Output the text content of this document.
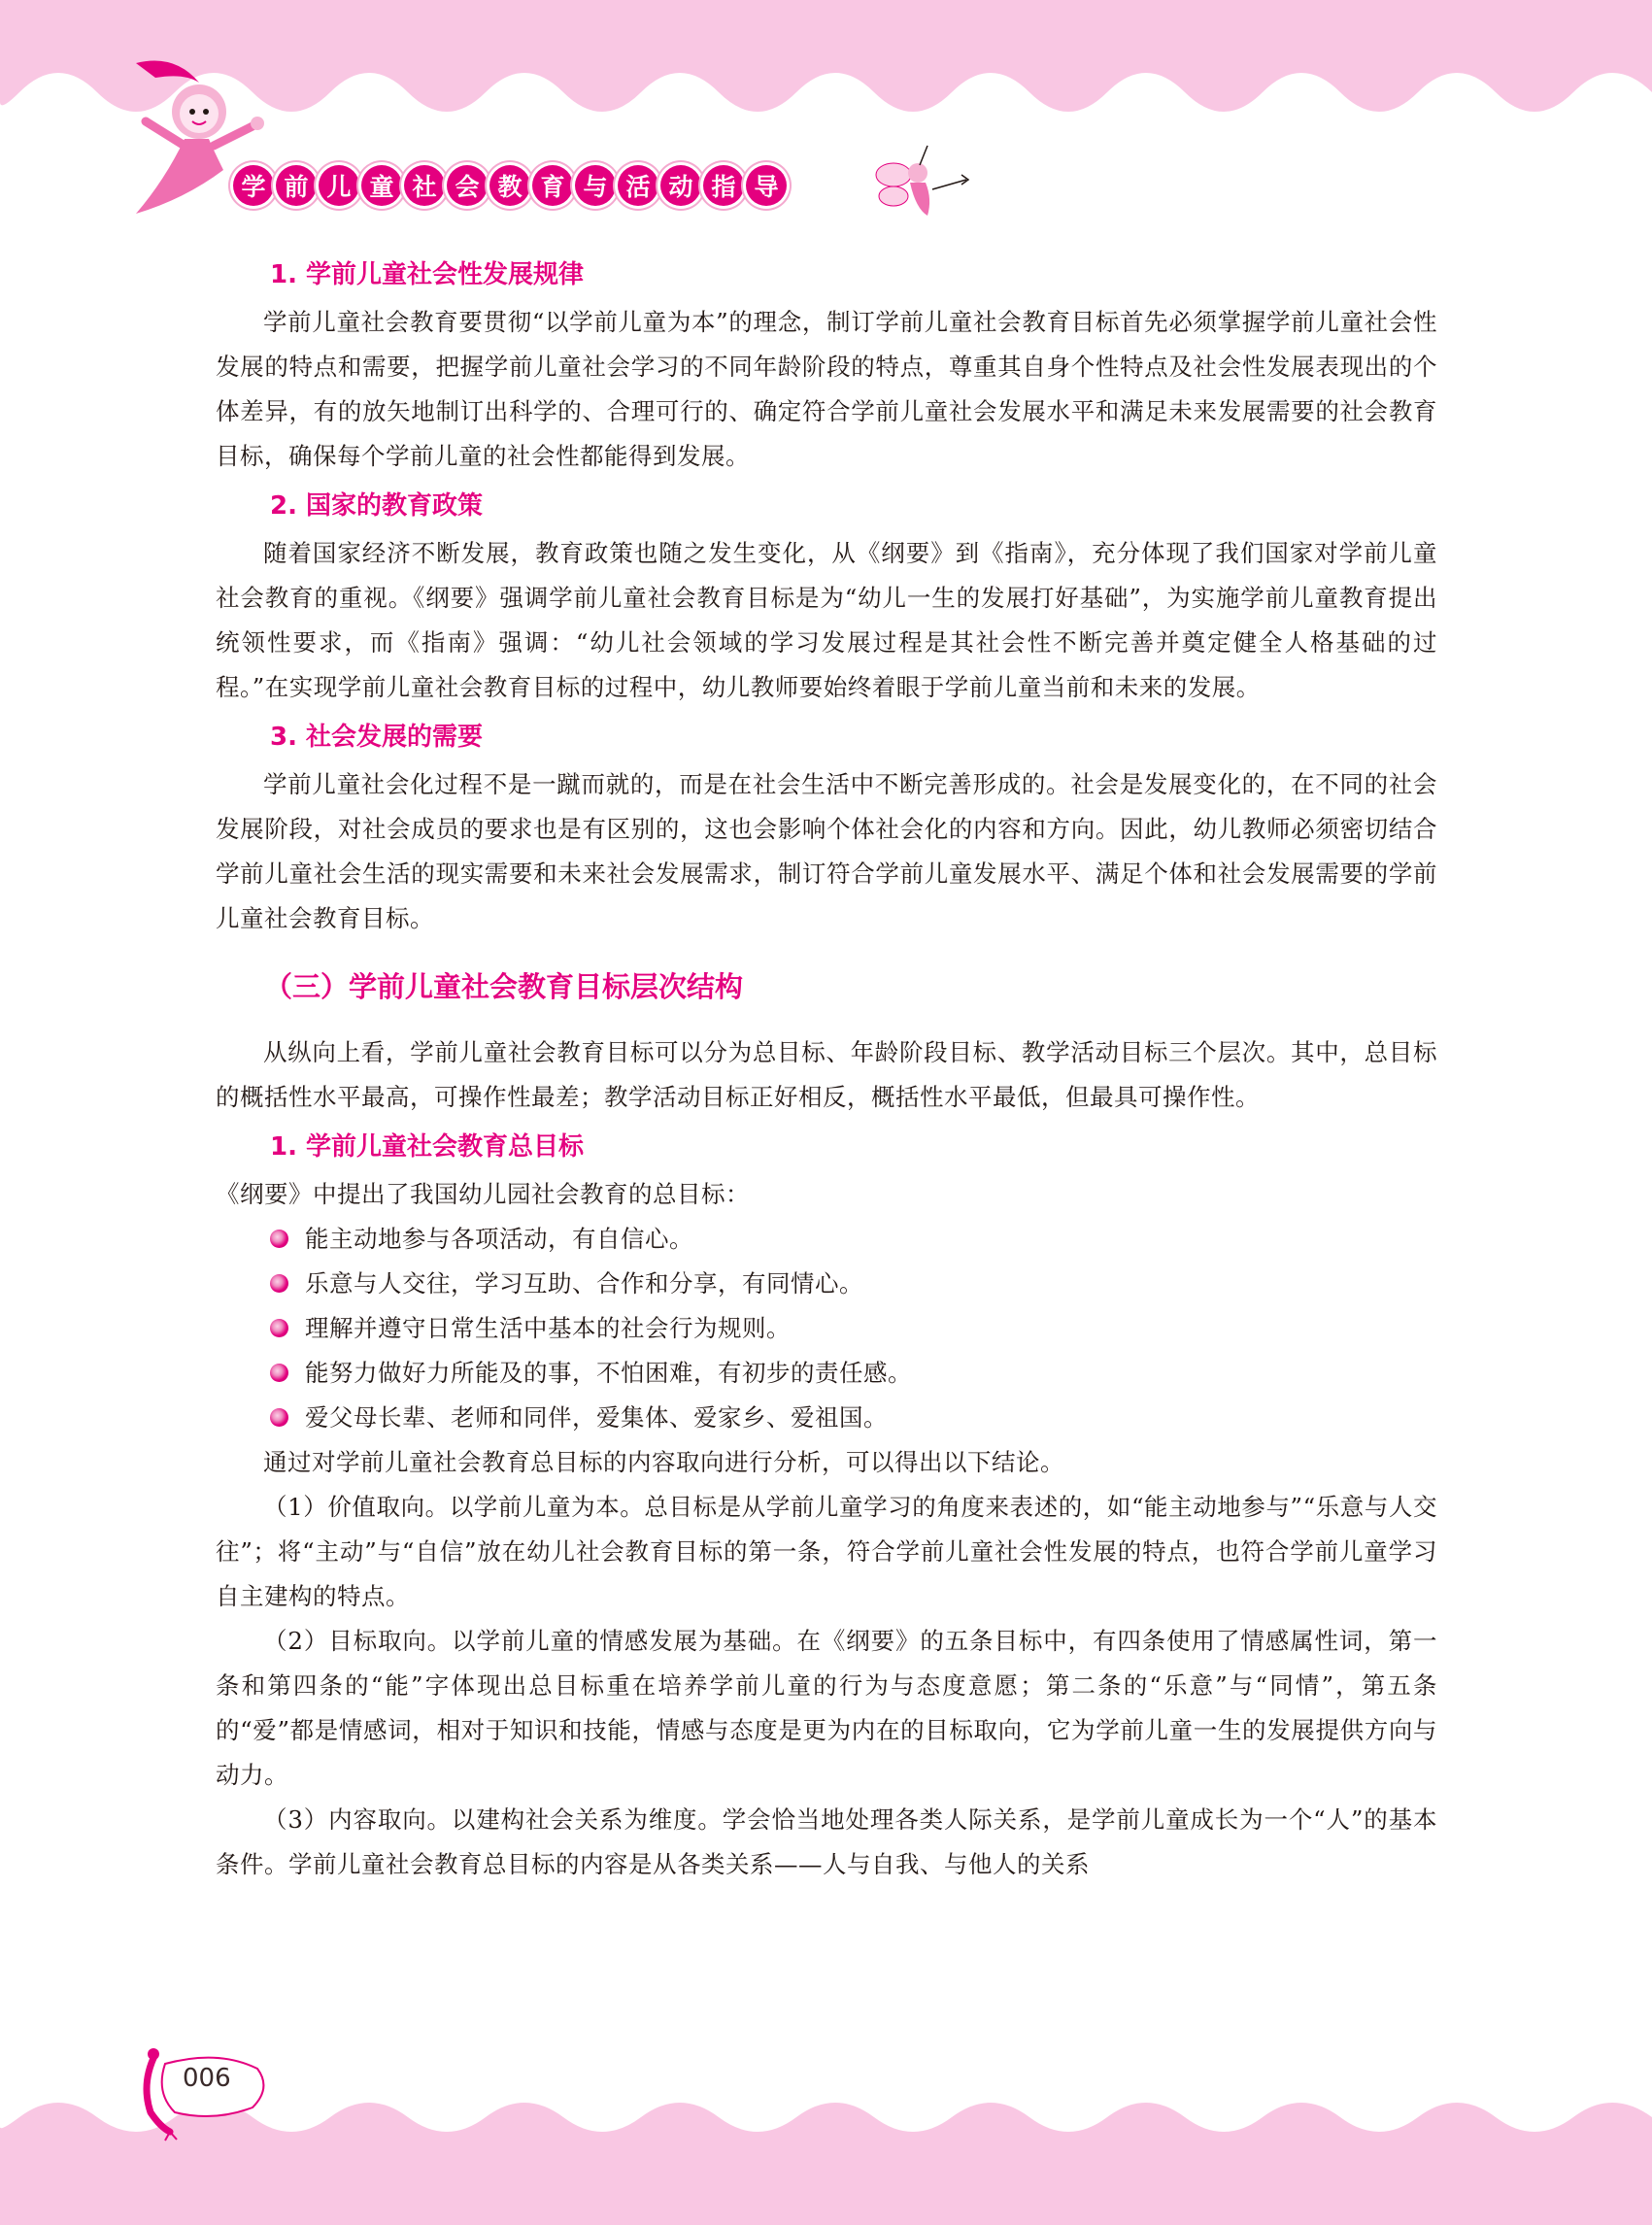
学 前 儿 童 社 会 教 育 与 活 动 指 导
1. 学前儿童社会性发展规律

学前儿童社会教育要贯彻“以学前儿童为本”的理念，制订学前儿童社会教育目标首先必须掌握学前儿童社会性发展的特点和需要，把握学前儿童社会学习的不同年龄阶段的特点，尊重其自身个性特点及社会性发展表现出的个体差异，有的放矢地制订出科学的、合理可行的、确定符合学前儿童社会发展水平和满足未来发展需要的社会教育目标，确保每个学前儿童的社会性都能得到发展。

2. 国家的教育政策

随着国家经济不断发展，教育政策也随之发生变化，从《纲要》到《指南》，充分体现了我们国家对学前儿童社会教育的重视。《纲要》强调学前儿童社会教育目标是为“幼儿一生的发展打好基础”，为实施学前儿童教育提出统领性要求，而《指南》强调：“幼儿社会领域的学习发展过程是其社会性不断完善并奠定健全人格基础的过程。”在实现学前儿童社会教育目标的过程中，幼儿教师要始终着眼于学前儿童当前和未来的发展。

3. 社会发展的需要

学前儿童社会化过程不是一蹴而就的，而是在社会生活中不断完善形成的。社会是发展变化的，在不同的社会发展阶段，对社会成员的要求也是有区别的，这也会影响个体社会化的内容和方向。因此，幼儿教师必须密切结合学前儿童社会生活的现实需要和未来社会发展需求，制订符合学前儿童发展水平、满足个体和社会发展需要的学前儿童社会教育目标。

（三）学前儿童社会教育目标层次结构

从纵向上看，学前儿童社会教育目标可以分为总目标、年龄阶段目标、教学活动目标三个层次。其中，总目标的概括性水平最高，可操作性最差；教学活动目标正好相反，概括性水平最低，但最具可操作性。

1. 学前儿童社会教育总目标

《纲要》中提出了我国幼儿园社会教育的总目标：

能主动地参与各项活动，有自信心。
乐意与人交往，学习互助、合作和分享，有同情心。
理解并遵守日常生活中基本的社会行为规则。
能努力做好力所能及的事，不怕困难，有初步的责任感。
爱父母长辈、老师和同伴，爱集体、爱家乡、爱祖国。

通过对学前儿童社会教育总目标的内容取向进行分析，可以得出以下结论。

（1）价值取向。以学前儿童为本。总目标是从学前儿童学习的角度来表述的，如“能主动地参与”“乐意与人交往”；将“主动”与“自信”放在幼儿社会教育目标的第一条，符合学前儿童社会性发展的特点，也符合学前儿童学习自主建构的特点。

（2）目标取向。以学前儿童的情感发展为基础。在《纲要》的五条目标中，有四条使用了情感属性词，第一条和第四条的“能”字体现出总目标重在培养学前儿童的行为与态度意愿；第二条的“乐意”与“同情”，第五条的“爱”都是情感词，相对于知识和技能，情感与态度是更为内在的目标取向，它为学前儿童一生的发展提供方向与动力。

（3）内容取向。以建构社会关系为维度。学会恰当地处理各类人际关系，是学前儿童成长为一个“人”的基本条件。学前儿童社会教育总目标的内容是从各类关系——人与自我、与他人的关系

006
